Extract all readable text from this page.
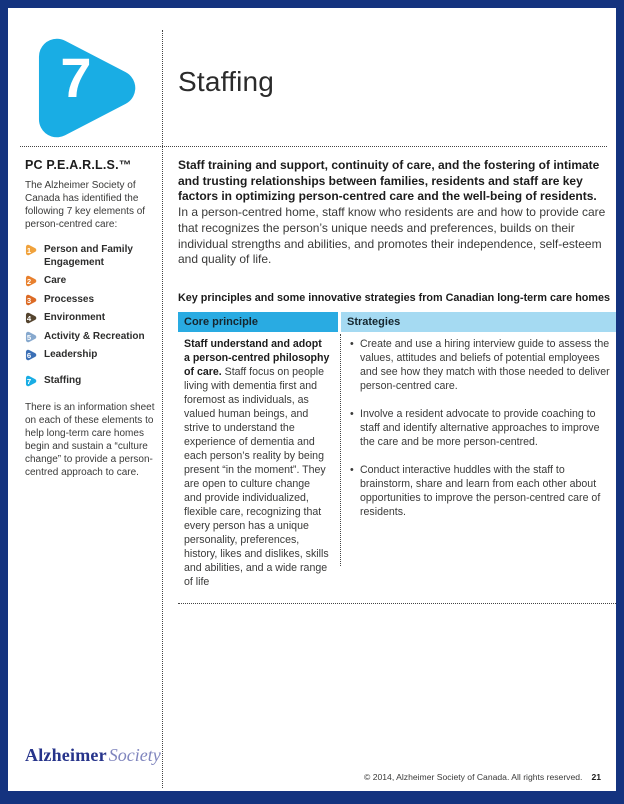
7	Staffing
PC P.E.A.R.L.S.™

The Alzheimer Society of Canada has identified the following 7 key elements of person-centred care:

1 Person and Family Engagement
2 Care
3 Processes
4 Environment
5 Activity & Recreation
6 Leadership
7 Staffing

There is an information sheet on each of these elements to help long-term care homes begin and sustain a “culture change” to provide a person-centred approach to care.

Staff training and support, continuity of care, and the fostering of intimate and trusting relationships between families, residents and staff are key factors in optimizing person-centred care and the well-being of residents. In a person-centred home, staff know who residents are and how to provide care that recognizes the person’s unique needs and preferences, builds on their individual strengths and abilities, and promotes their independence, self-esteem and quality of life.

Key principles and some innovative strategies from Canadian long-term care homes
Core principle	Strategies
Staff understand and adopt a person-centred philosophy of care. Staff focus on people living with dementia first and foremost as individuals, as valued human beings, and strive to understand the experience of dementia and each person’s reality by being present “in the moment”. They are open to culture change and provide individualized, flexible care, recognizing that every person has a unique personality, preferences, history, likes and dislikes, skills and abilities, and a wide range of life
• Create and use a hiring interview guide to assess the values, attitudes and beliefs of potential employees and see how they match with those needed to deliver person-centred care.
• Involve a resident advocate to provide coaching to staff and identify alternative approaches to improve the care and be more person-centred.
• Conduct interactive huddles with the staff to brainstorm, share and learn from each other about opportunities to improve the person-centred care of residents.
Alzheimer Society
© 2014, Alzheimer Society of Canada. All rights reserved. 21
